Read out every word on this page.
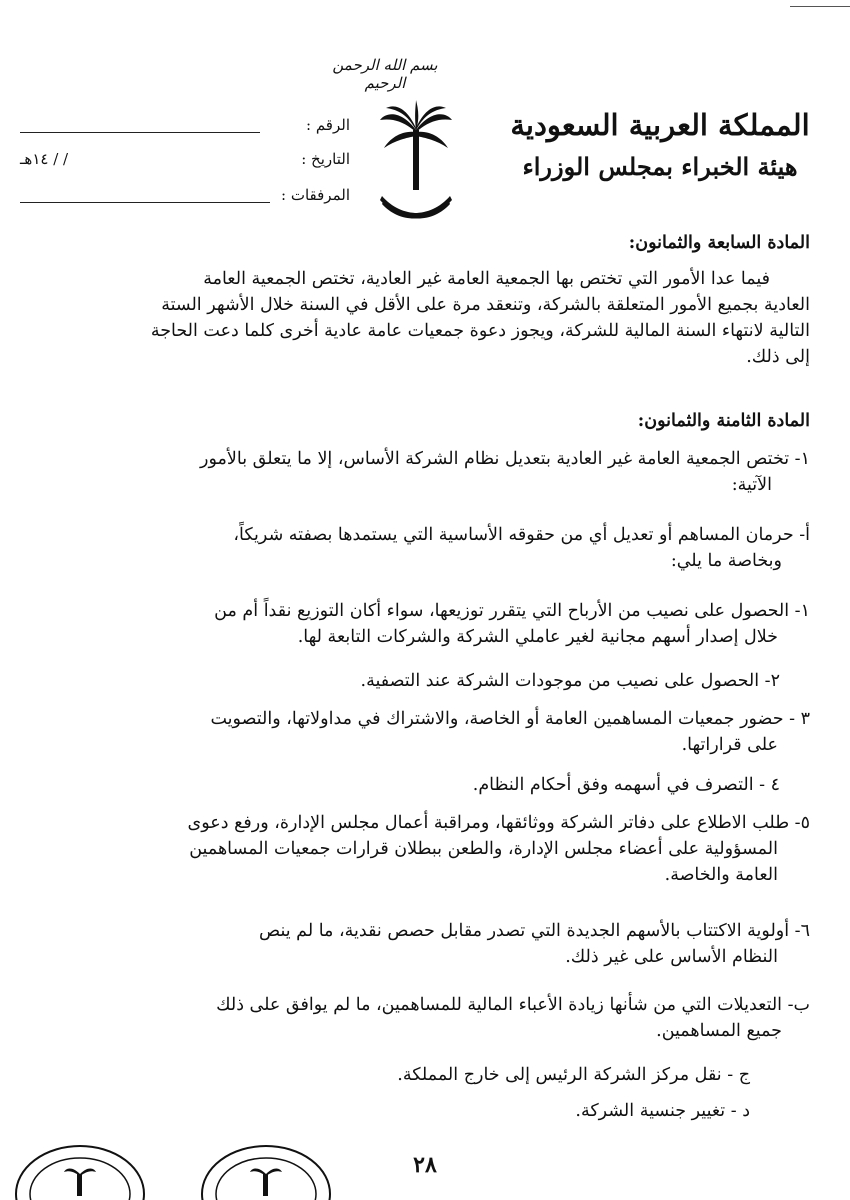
بسم الله الرحمن الرحيم
المملكة العربية السعودية
هيئة الخبراء بمجلس الوزراء
الرقم :
التاريخ :
/ / ١٤هـ
المرفقات :
المادة السابعة والثمانون:
فيما عدا الأمور التي تختص بها الجمعية العامة غير العادية، تختص الجمعية العامة
العادية بجميع الأمور المتعلقة بالشركة، وتنعقد مرة على الأقل في السنة خلال الأشهر الستة
التالية لانتهاء السنة المالية للشركة، ويجوز دعوة جمعيات عامة عادية أخرى كلما دعت الحاجة
إلى ذلك.
المادة الثامنة والثمانون:
١- تختص الجمعية العامة غير العادية بتعديل نظام الشركة الأساس، إلا ما يتعلق بالأمور
الآتية:
أ- حرمان المساهم أو تعديل أي من حقوقه الأساسية التي يستمدها بصفته شريكاً،
وبخاصة ما يلي:
١- الحصول على نصيب من الأرباح التي يتقرر توزيعها، سواء أكان التوزيع نقداً أم من
خلال إصدار أسهم مجانية لغير عاملي الشركة والشركات التابعة لها.
٢- الحصول على نصيب من موجودات الشركة عند التصفية.
٣ - حضور جمعيات المساهمين العامة أو الخاصة، والاشتراك في مداولاتها، والتصويت
على قراراتها.
٤ - التصرف في أسهمه وفق أحكام النظام.
٥- طلب الاطلاع على دفاتر الشركة ووثائقها، ومراقبة أعمال مجلس الإدارة، ورفع دعوى
المسؤولية على أعضاء مجلس الإدارة، والطعن ببطلان قرارات جمعيات المساهمين
العامة والخاصة.
٦- أولوية الاكتتاب بالأسهم الجديدة التي تصدر مقابل حصص نقدية، ما لم ينص
النظام الأساس على غير ذلك.
ب- التعديلات التي من شأنها زيادة الأعباء المالية للمساهمين، ما لم يوافق على ذلك
جميع المساهمين.
ج - نقل مركز الشركة الرئيس إلى خارج المملكة.
د - تغيير جنسية الشركة.
٢٨
